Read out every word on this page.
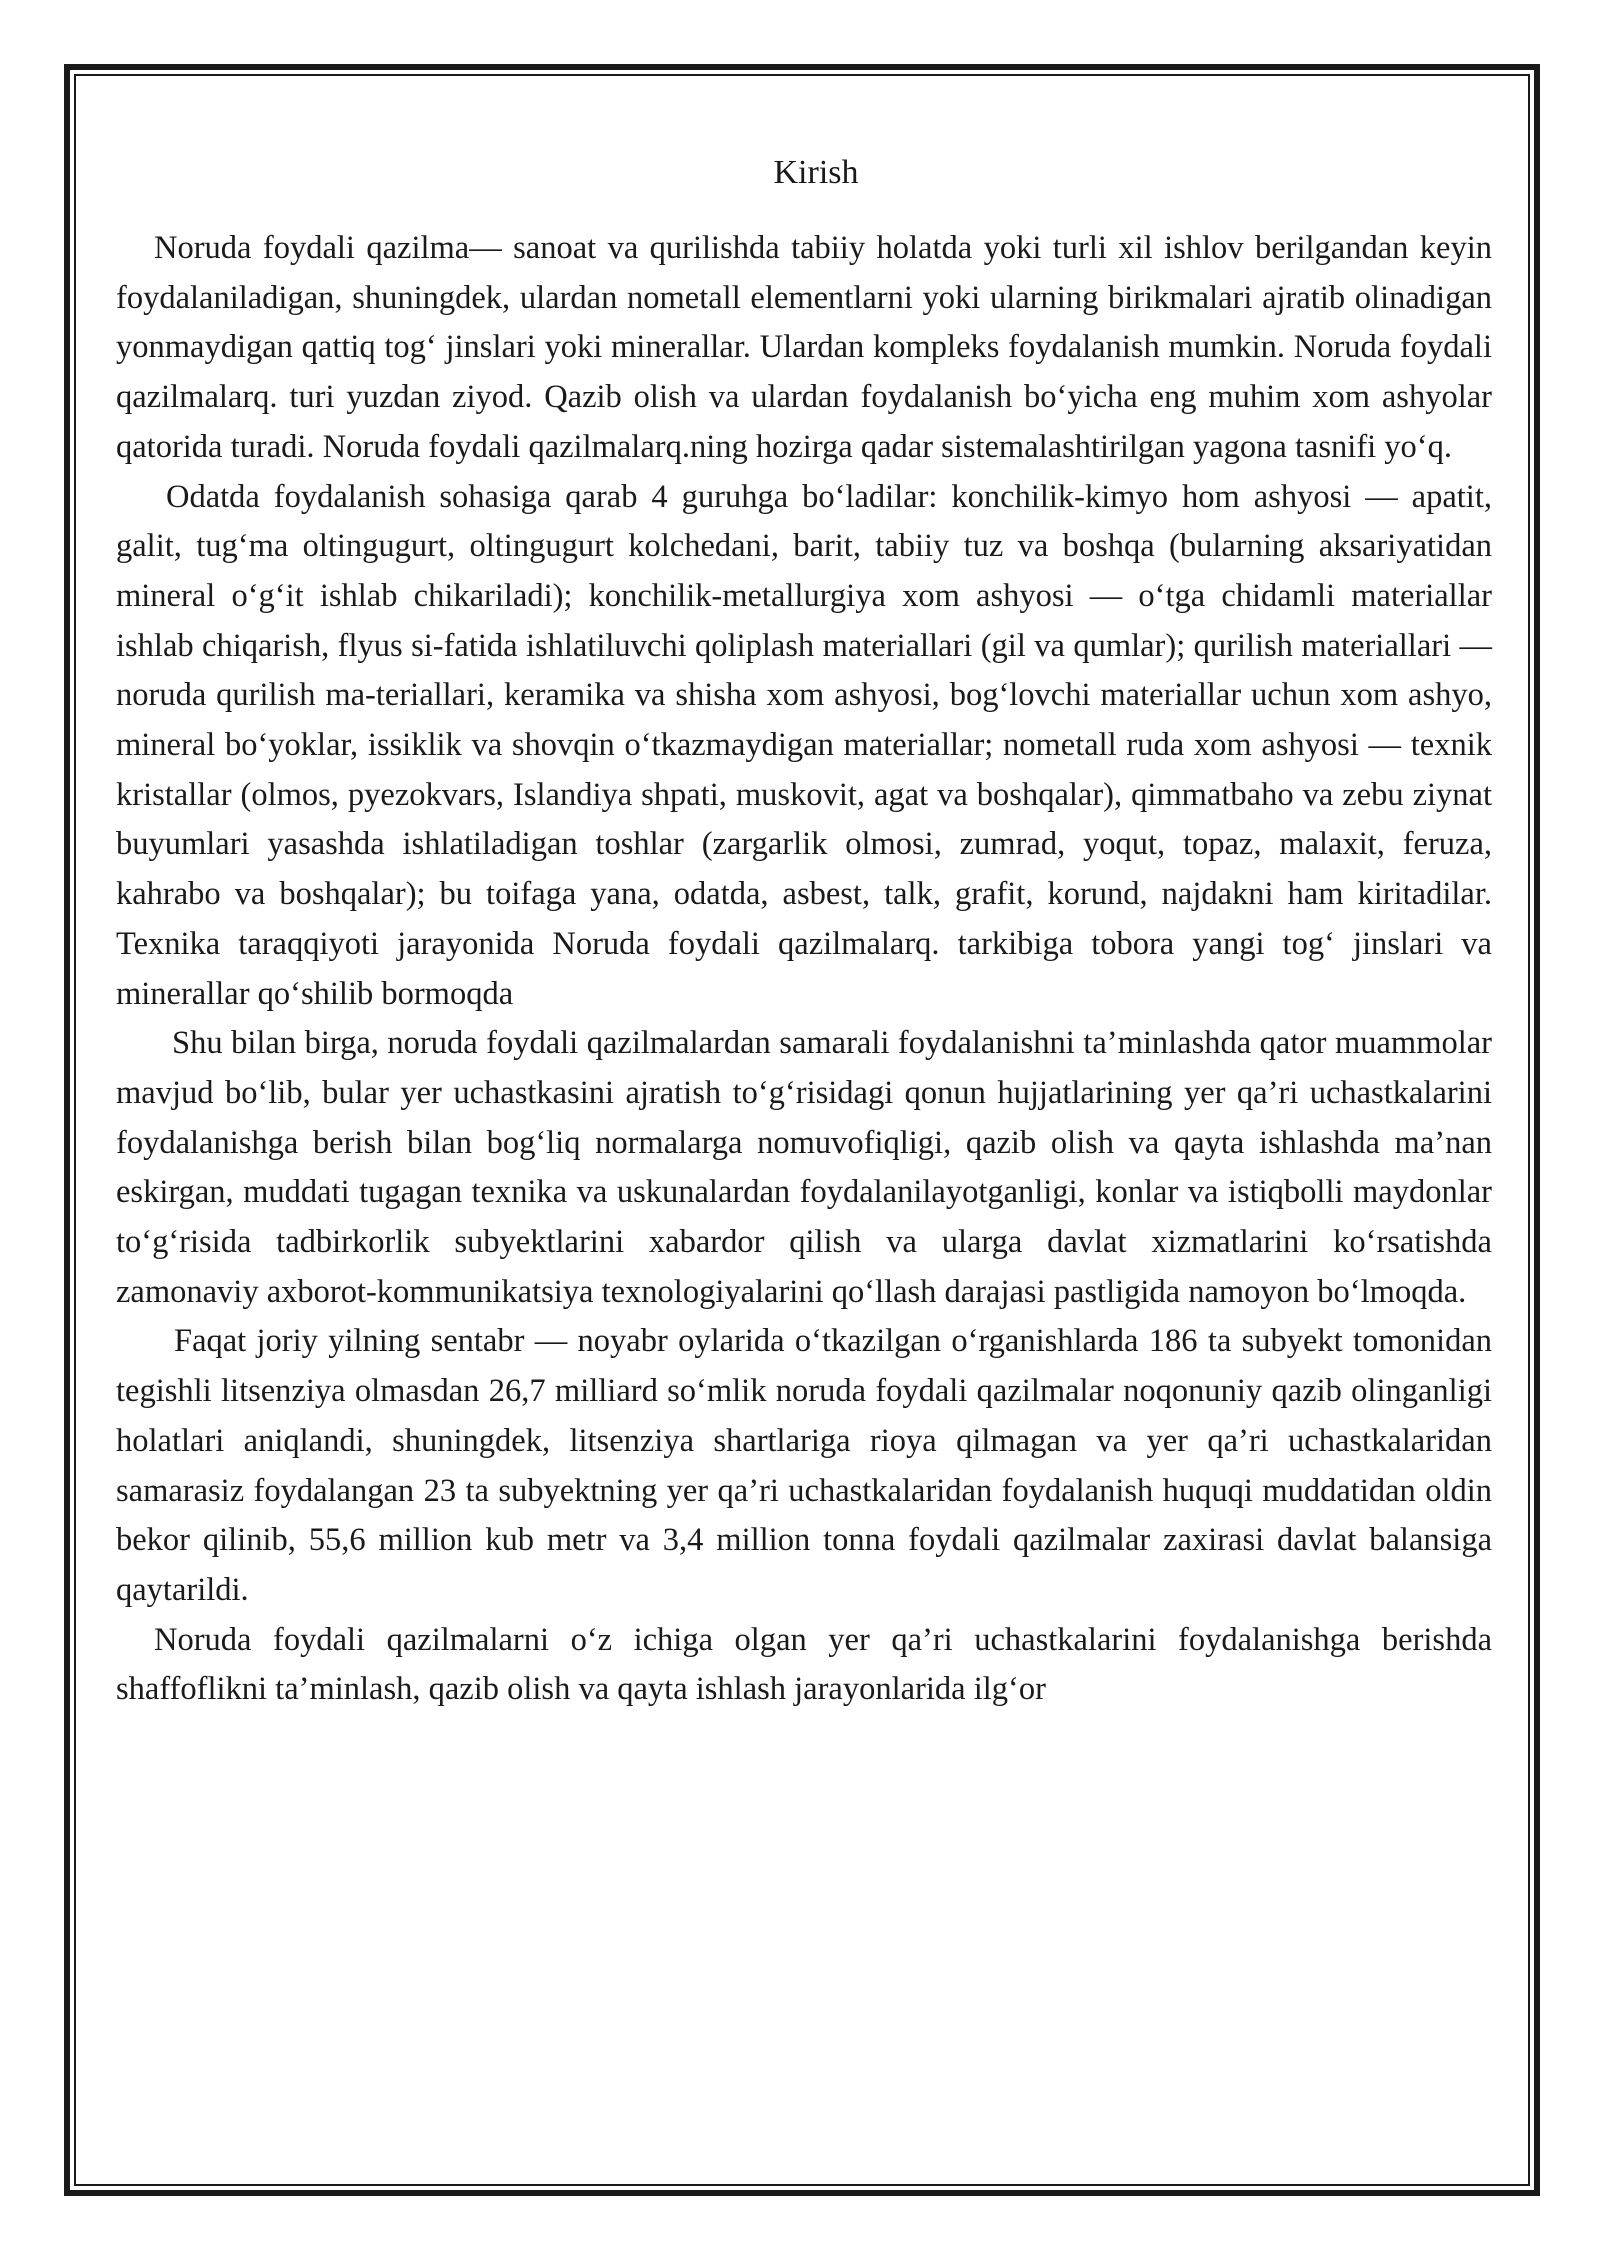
Kirish

Noruda foydali qazilma— sanoat va qurilishda tabiiy holatda yoki turli xil ishlov berilgandan keyin foydalaniladigan, shuningdek, ulardan nometall elementlarni yoki ularning birikmalari ajratib olinadigan yonmaydigan qattiq tog‘ jinslari yoki minerallar. Ulardan kompleks foydalanish mumkin. Noruda foydali qazilmalarq. turi yuzdan ziyod. Qazib olish va ulardan foydalanish bo‘yicha eng muhim xom ashyolar qatorida turadi. Noruda foydali qazilmalarq.ning hozirga qadar sistemalashtirilgan yagona tasnifi yo‘q.

Odatda foydalanish sohasiga qarab 4 guruhga bo‘ladilar: konchilik-kimyo hom ashyosi — apatit, galit, tug‘ma oltingugurt, oltingugurt kolchedani, barit, tabiiy tuz va boshqa (bularning aksariyatidan mineral o‘g‘it ishlab chikariladi); konchilik-metallurgiya xom ashyosi — o‘tga chidamli materiallar ishlab chiqarish, flyus si-fatida ishlatiluvchi qoliplash materiallari (gil va qumlar); qurilish materiallari — noruda qurilish ma-teriallari, keramika va shisha xom ashyosi, bog‘lovchi materiallar uchun xom ashyo, mineral bo‘yoklar, issiklik va shovqin o‘tkazmaydigan materiallar; nometall ruda xom ashyosi — texnik kristallar (olmos, pyezokvars, Islandiya shpati, muskovit, agat va boshqalar), qimmatbaho va zebu ziynat buyumlari yasashda ishlatiladigan toshlar (zargarlik olmosi, zumrad, yoqut, topaz, malaxit, feruza, kahrabo va boshqalar); bu toifaga yana, odatda, asbest, talk, grafit, korund, najdakni ham kiritadilar. Texnika taraqqiyoti jarayonida Noruda foydali qazilmalarq. tarkibiga tobora yangi tog‘ jinslari va minerallar qo‘shilib bormoqda

Shu bilan birga, noruda foydali qazilmalardan samarali foydalanishni ta’minlashda qator muammolar mavjud bo‘lib, bular yer uchastkasini ajratish to‘g‘risidagi qonun hujjatlarining yer qa’ri uchastkalarini foydalanishga berish bilan bog‘liq normalarga nomuvofiqligi, qazib olish va qayta ishlashda ma’nan eskirgan, muddati tugagan texnika va uskunalardan foydalanilayotganligi, konlar va istiqbolli maydonlar to‘g‘risida tadbirkorlik subyektlarini xabardor qilish va ularga davlat xizmatlarini ko‘rsatishda zamonaviy axborot-kommunikatsiya texnologiyalarini qo‘llash darajasi pastligida namoyon bo‘lmoqda.

Faqat joriy yilning sentabr — noyabr oylarida o‘tkazilgan o‘rganishlarda 186 ta subyekt tomonidan tegishli litsenziya olmasdan 26,7 milliard so‘mlik noruda foydali qazilmalar noqonuniy qazib olinganligi holatlari aniqlandi, shuningdek, litsenziya shartlariga rioya qilmagan va yer qa’ri uchastkalaridan samarasiz foydalangan 23 ta subyektning yer qa’ri uchastkalaridan foydalanish huquqi muddatidan oldin bekor qilinib, 55,6 million kub metr va 3,4 million tonna foydali qazilmalar zaxirasi davlat balansiga qaytarildi.

Noruda foydali qazilmalarni o‘z ichiga olgan yer qa’ri uchastkalarini foydalanishga berishda shaffoflikni ta’minlash, qazib olish va qayta ishlash jarayonlarida ilg‘or
